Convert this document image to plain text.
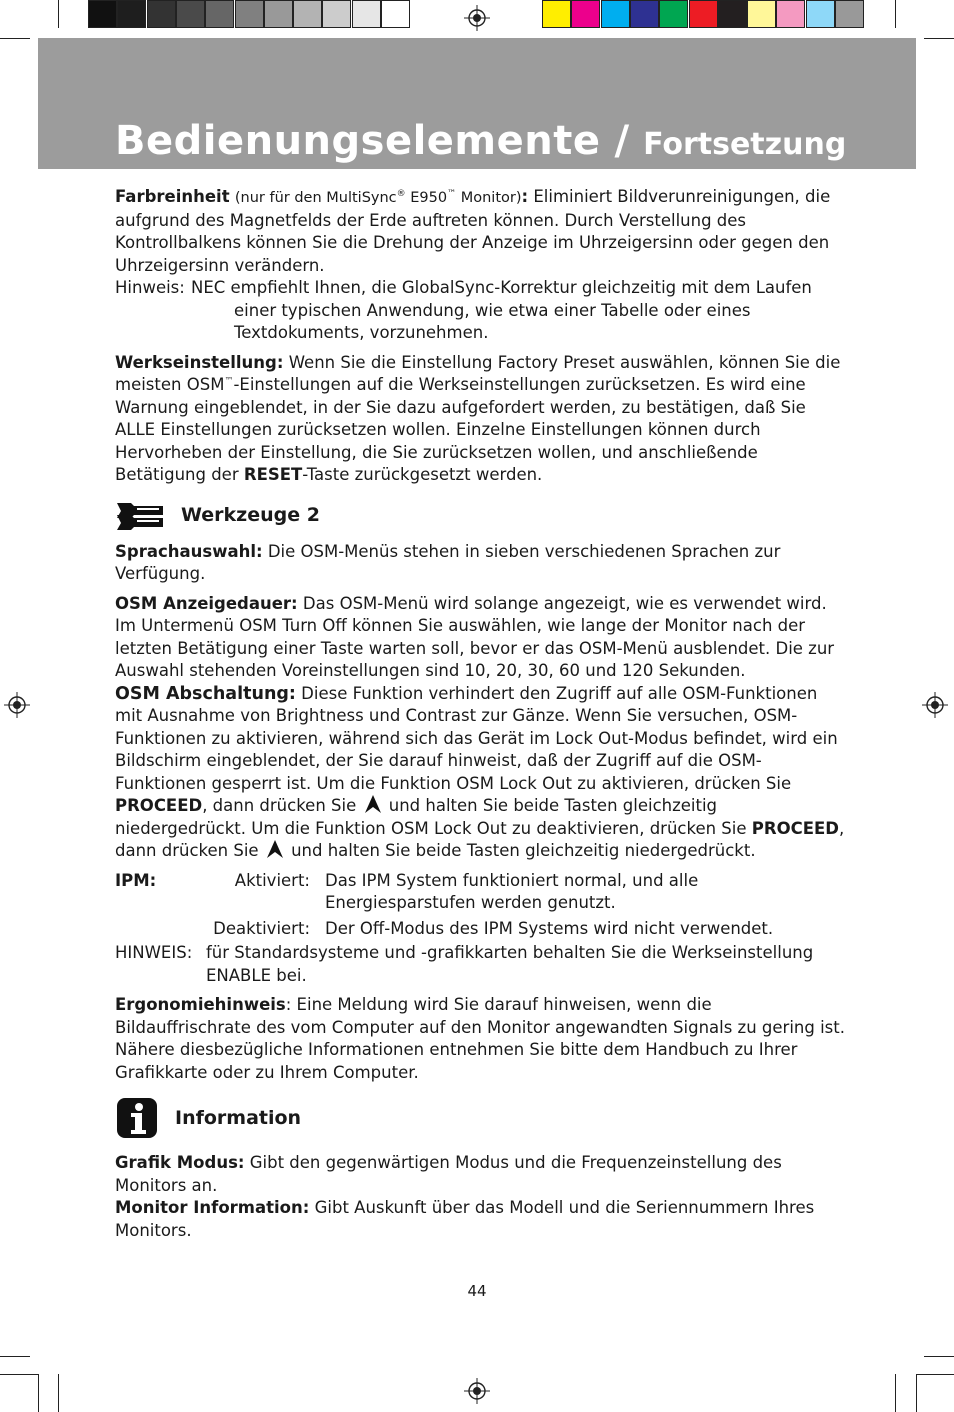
Bedienungselemente / Fortsetzung

Farbreinheit (nur für den MultiSync® E950™ Monitor): Eliminiert Bildverunreinigungen, die aufgrund des Magnetfelds der Erde auftreten können. Durch Verstellung des Kontrollbalkens können Sie die Drehung der Anzeige im Uhrzeigersinn oder gegen den Uhrzeigersinn verändern.

Hinweis: NEC empfiehlt Ihnen, die GlobalSync-Korrektur gleichzeitig mit dem Laufen

einer typischen Anwendung, wie etwa einer Tabelle oder eines Textdokuments, vorzunehmen.

Werkseinstellung: Wenn Sie die Einstellung Factory Preset auswählen, können Sie die meisten OSM™-Einstellungen auf die Werkseinstellungen zurücksetzen. Es wird eine Warnung eingeblendet, in der Sie dazu aufgefordert werden, zu bestätigen, daß Sie ALLE Einstellungen zurücksetzen wollen. Einzelne Einstellungen können durch Hervorheben der Einstellung, die Sie zurücksetzen wollen, und anschließende Betätigung der RESET-Taste zurückgesetzt werden.

Werkzeuge 2

Sprachauswahl: Die OSM-Menüs stehen in sieben verschiedenen Sprachen zur Verfügung.

OSM Anzeigedauer: Das OSM-Menü wird solange angezeigt, wie es verwendet wird. Im Untermenü OSM Turn Off können Sie auswählen, wie lange der Monitor nach der letzten Betätigung einer Taste warten soll, bevor er das OSM-Menü ausblendet. Die zur Auswahl stehenden Voreinstellungen sind 10, 20, 30, 60 und 120 Sekunden.

OSM Abschaltung: Diese Funktion verhindert den Zugriff auf alle OSM-Funktionen mit Ausnahme von Brightness und Contrast zur Gänze. Wenn Sie versuchen, OSM-Funktionen zu aktivieren, während sich das Gerät im Lock Out-Modus befindet, wird ein Bildschirm eingeblendet, der Sie darauf hinweist, daß der Zugriff auf die OSM-Funktionen gesperrt ist. Um die Funktion OSM Lock Out zu aktivieren, drücken Sie PROCEED, dann drücken Sie und halten Sie beide Tasten gleichzeitig niedergedrückt. Um die Funktion OSM Lock Out zu deaktivieren, drücken Sie PROCEED, dann drücken Sie und halten Sie beide Tasten gleichzeitig niedergedrückt.

IPM:	Aktiviert: Das IPM System funktioniert normal, und alle Energiesparstufen werden genutzt.
Deaktiviert: Der Off-Modus des IPM Systems wird nicht verwendet.
HINWEIS: für Standardsysteme und -grafikkarten behalten Sie die Werkseinstellung ENABLE bei.

Ergonomiehinweis: Eine Meldung wird Sie darauf hinweisen, wenn die Bildauffrischrate des vom Computer auf den Monitor angewandten Signals zu gering ist. Nähere diesbezügliche Informationen entnehmen Sie bitte dem Handbuch zu Ihrer Grafikkarte oder zu Ihrem Computer.

Information

Grafik Modus: Gibt den gegenwärtigen Modus und die Frequenzeinstellung des Monitors an.

Monitor Information: Gibt Auskunft über das Modell und die Seriennummern Ihres Monitors.

44
